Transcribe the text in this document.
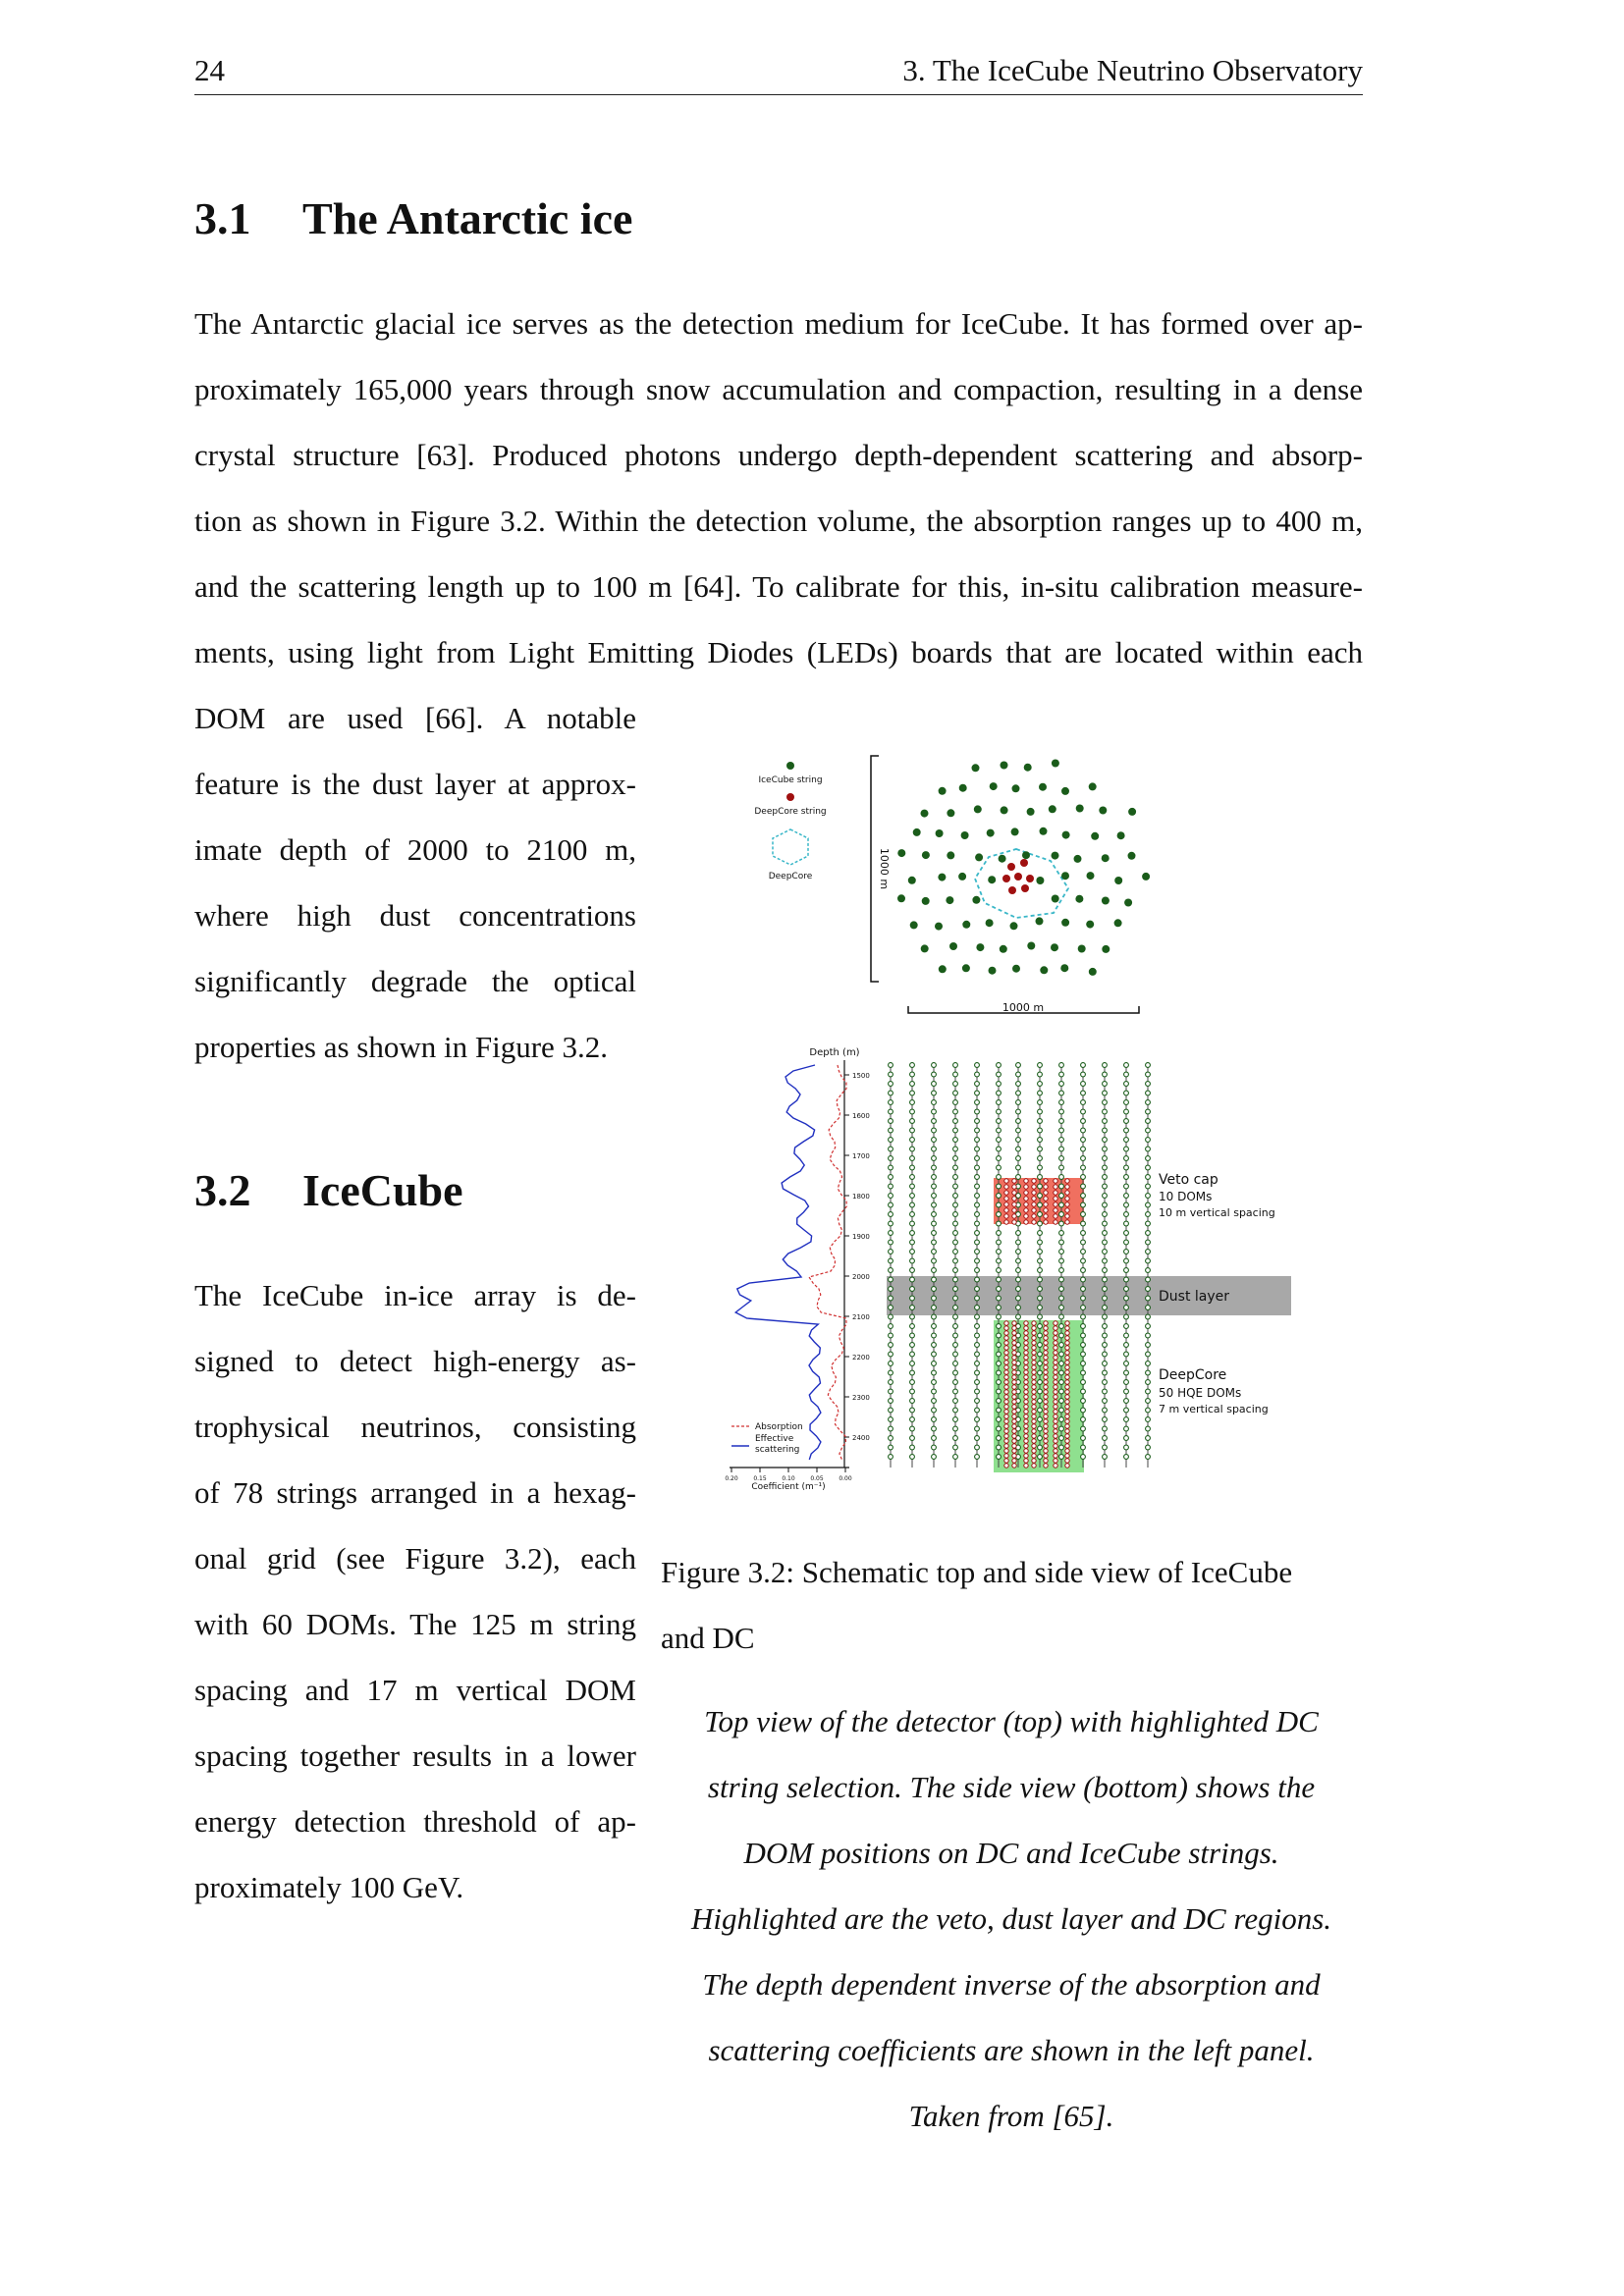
24	3. The IceCube Neutrino Observatory
3.1 The Antarctic ice
The Antarctic glacial ice serves as the detection medium for IceCube. It has formed over ap-
proximately 165,000 years through snow accumulation and compaction, resulting in a dense
crystal structure [63]. Produced photons undergo depth-dependent scattering and absorp-
tion as shown in Figure 3.2. Within the detection volume, the absorption ranges up to 400 m,
and the scattering length up to 100 m [64]. To calibrate for this, in-situ calibration measure-
ments, using light from Light Emitting Diodes (LEDs) boards that are located within each
DOM are used [66]. A notable
feature is the dust layer at approx-
imate depth of 2000 to 2100 m,
where high dust concentrations
significantly degrade the optical
properties as shown in Figure 3.2.
3.2 IceCube
The IceCube in-ice array is de-
signed to detect high-energy as-
trophysical neutrinos, consisting
of 78 strings arranged in a hexag-
onal grid (see Figure 3.2), each
with 60 DOMs. The 125 m string
spacing and 17 m vertical DOM
spacing together results in a lower
energy detection threshold of ap-
proximately 100 GeV.
IceCube string
DeepCore string
DeepCore	1000 m
1000 m
Depth (m)
1500
1600
1700
1800
1900
2000
2100
2200
2300
2400
0.20	0.15	0.10	0.05	0.00
Coefficient (m⁻¹)
Absorption
Effective
scattering
Veto cap
10 DOMs
10 m vertical spacing
Dust layer
DeepCore
50 HQE DOMs
7 m vertical spacing
Figure 3.2: Schematic top and side view of IceCube
and DC
Top view of the detector (top) with highlighted DC
string selection. The side view (bottom) shows the
DOM positions on DC and IceCube strings.
Highlighted are the veto, dust layer and DC regions.
The depth dependent inverse of the absorption and
scattering coefficients are shown in the left panel.
Taken from [65].
